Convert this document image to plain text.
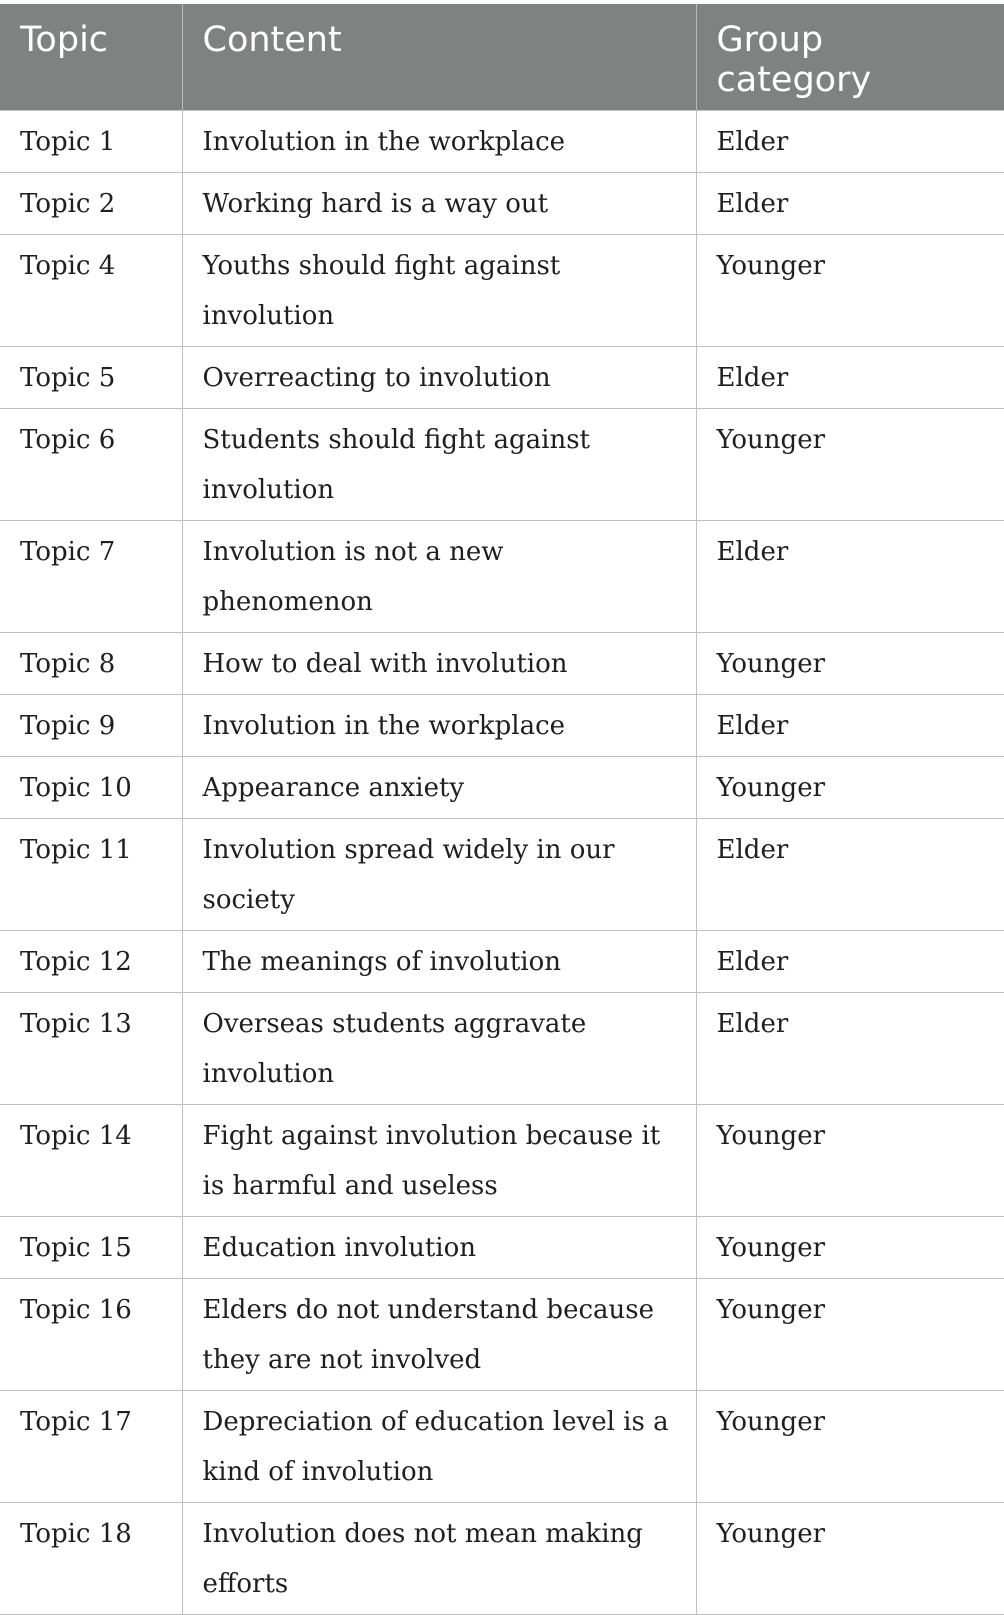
Topic	Content	Group category
Topic 1	Involution in the workplace	Elder
Topic 2	Working hard is a way out	Elder
Topic 4	Youths should fight against involution	Younger
Topic 5	Overreacting to involution	Elder
Topic 6	Students should fight against involution	Younger
Topic 7	Involution is not a new phenomenon	Elder
Topic 8	How to deal with involution	Younger
Topic 9	Involution in the workplace	Elder
Topic 10	Appearance anxiety	Younger
Topic 11	Involution spread widely in our society	Elder
Topic 12	The meanings of involution	Elder
Topic 13	Overseas students aggravate involution	Elder
Topic 14	Fight against involution because it is harmful and useless	Younger
Topic 15	Education involution	Younger
Topic 16	Elders do not understand because they are not involved	Younger
Topic 17	Depreciation of education level is a kind of involution	Younger
Topic 18	Involution does not mean making efforts	Younger
